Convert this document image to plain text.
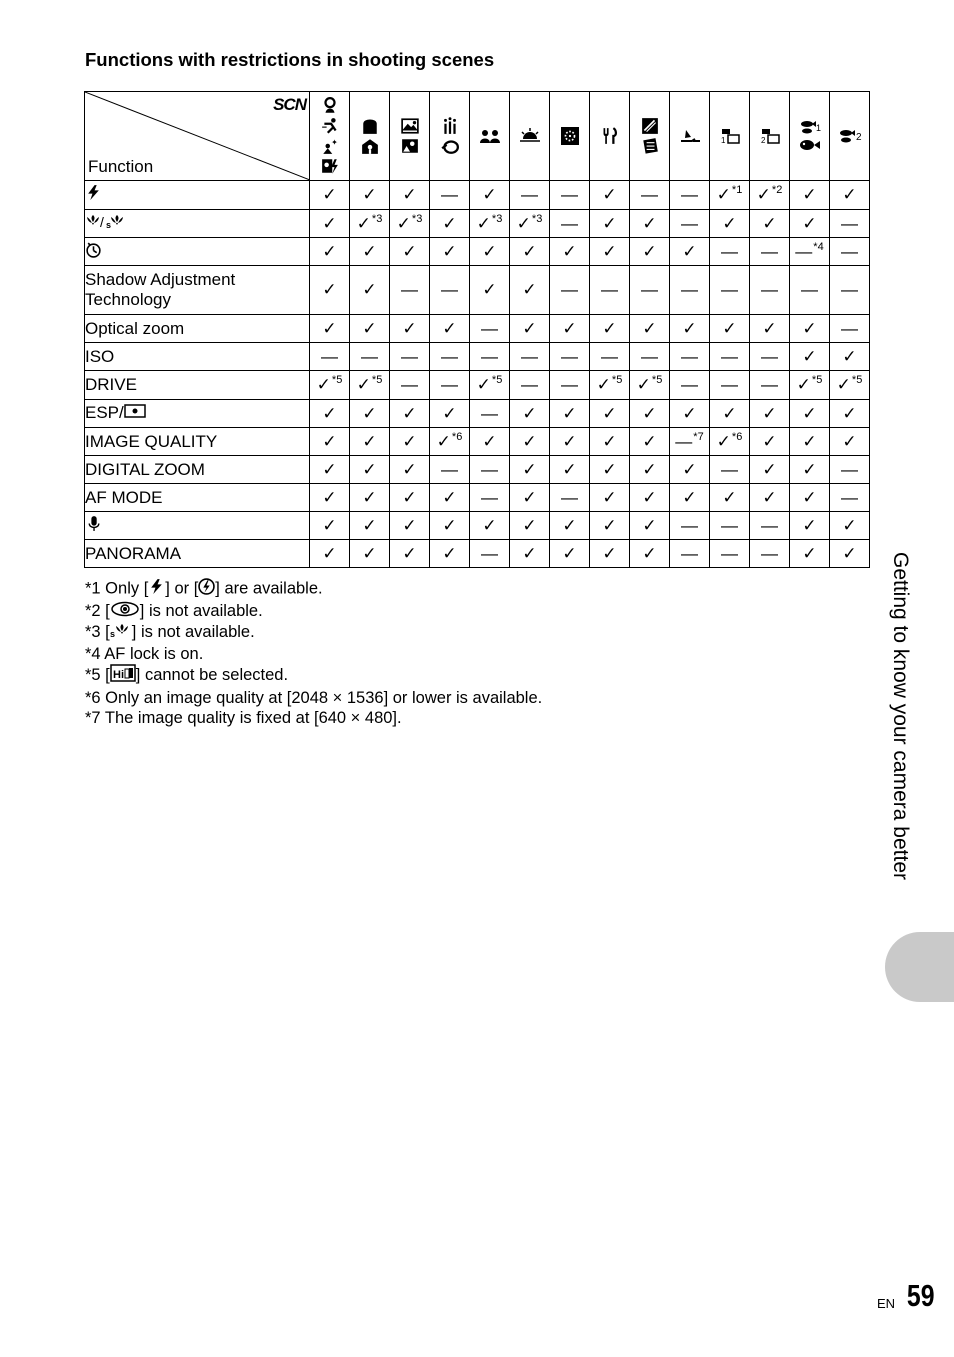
Functions with restrictions in shooting scenes
SCN
Function	✦										1	2	1	2

	✓	✓	✓	—	✓	—	—	✓	—	—	✓$^{*1}$	✓$^{*2}$	✓	✓

/ s	✓	✓$^{*3}$	✓$^{*3}$	✓	✓$^{*3}$	✓$^{*3}$	—	✓	✓	—	✓	✓	✓	—
	✓	✓	✓	✓	✓	✓	✓	✓	✓	✓	—	—	—$^{*4}$	—
Shadow Adjustment Technology	✓	✓	—	—	✓	✓	—	—	—	—	—	—	—	—
Optical zoom	✓	✓	✓	✓	—	✓	✓	✓	✓	✓	✓	✓	✓	—
ISO	—	—	—	—	—	—	—	—	—	—	—	—	✓	✓
DRIVE	✓$^{*5}$	✓$^{*5}$	—	—	✓$^{*5}$	—	—	✓$^{*5}$	✓$^{*5}$	—	—	—	✓$^{*5}$	✓$^{*5}$
ESP/	✓	✓	✓	✓	—	✓	✓	✓	✓	✓	✓	✓	✓	✓
IMAGE QUALITY	✓	✓	✓	✓$^{*6}$	✓	✓	✓	✓	✓	—$^{*7}$	✓$^{*6}$	✓	✓	✓
DIGITAL ZOOM	✓	✓	✓	—	—	✓	✓	✓	✓	✓	—	✓	✓	—
AF MODE	✓	✓	✓	✓	—	✓	—	✓	✓	✓	✓	✓	✓	—
	✓	✓	✓	✓	✓	✓	✓	✓	✓	—	—	—	✓	✓
PANORAMA	✓	✓	✓	✓	—	✓	✓	✓	✓	—	—	—	✓	✓
*1 Only [ ] or [ ] are available.
*2 [ ] is not available.
*3 [ s ] is not available.
*4 AF lock is on.
*5 [ Hi ] cannot be selected.
*6 Only an image quality at [2048 × 1536] or lower is available.
*7 The image quality is fixed at [640 × 480].	Getting to know your camera better
EN 59
